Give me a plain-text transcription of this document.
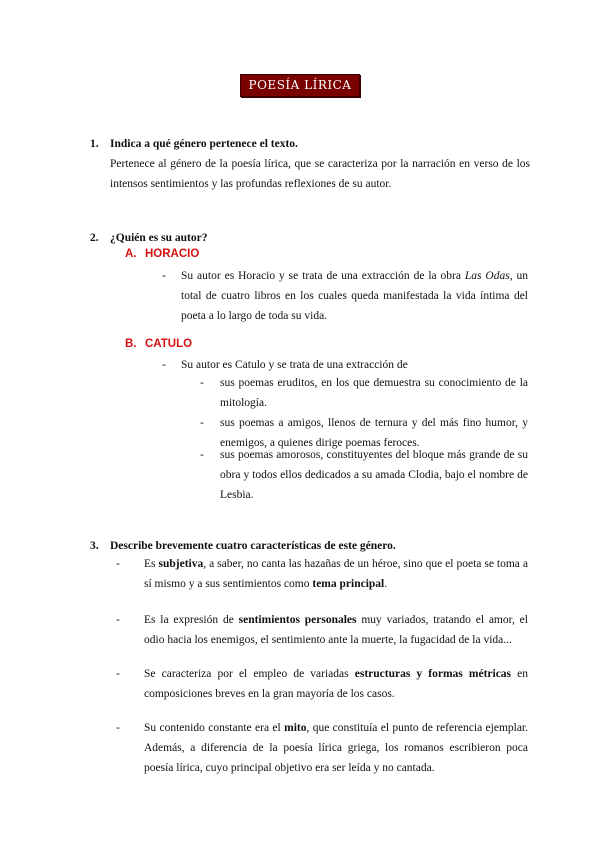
POESÍA LÍRICA
1. Indica a qué género pertenece el texto.
Pertenece al género de la poesía lírica, que se caracteriza por la narración en verso de los intensos sentimientos y las profundas reflexiones de su autor.
2. ¿Quién es su autor?
A. HORACIO
-	Su autor es Horacio y se trata de una extracción de la obra Las Odas, un total de cuatro libros en los cuales queda manifestada la vida íntima del poeta a lo largo de toda su vida.
B. CATULO
-	Su autor es Catulo y se trata de una extracción de
-	sus poemas eruditos, en los que demuestra su conocimiento de la mitología.
-	sus poemas a amigos, llenos de ternura y del más fino humor, y enemigos, a quienes dirige poemas feroces.
-	sus poemas amorosos, constituyentes del bloque más grande de su obra y todos ellos dedicados a su amada Clodia, bajo el nombre de Lesbia.
3. Describe brevemente cuatro características de este género.
-	Es subjetiva, a saber, no canta las hazañas de un héroe, sino que el poeta se toma a sí mismo y a sus sentimientos como tema principal.
-	Es la expresión de sentimientos personales muy variados, tratando el amor, el odio hacia los enemigos, el sentimiento ante la muerte, la fugacidad de la vida...
-	Se caracteriza por el empleo de variadas estructuras y formas métricas en composiciones breves en la gran mayoría de los casos.
-	Su contenido constante era el mito, que constituía el punto de referencia ejemplar. Además, a diferencia de la poesía lírica griega, los romanos escribieron poca poesía lírica, cuyo principal objetivo era ser leída y no cantada.
